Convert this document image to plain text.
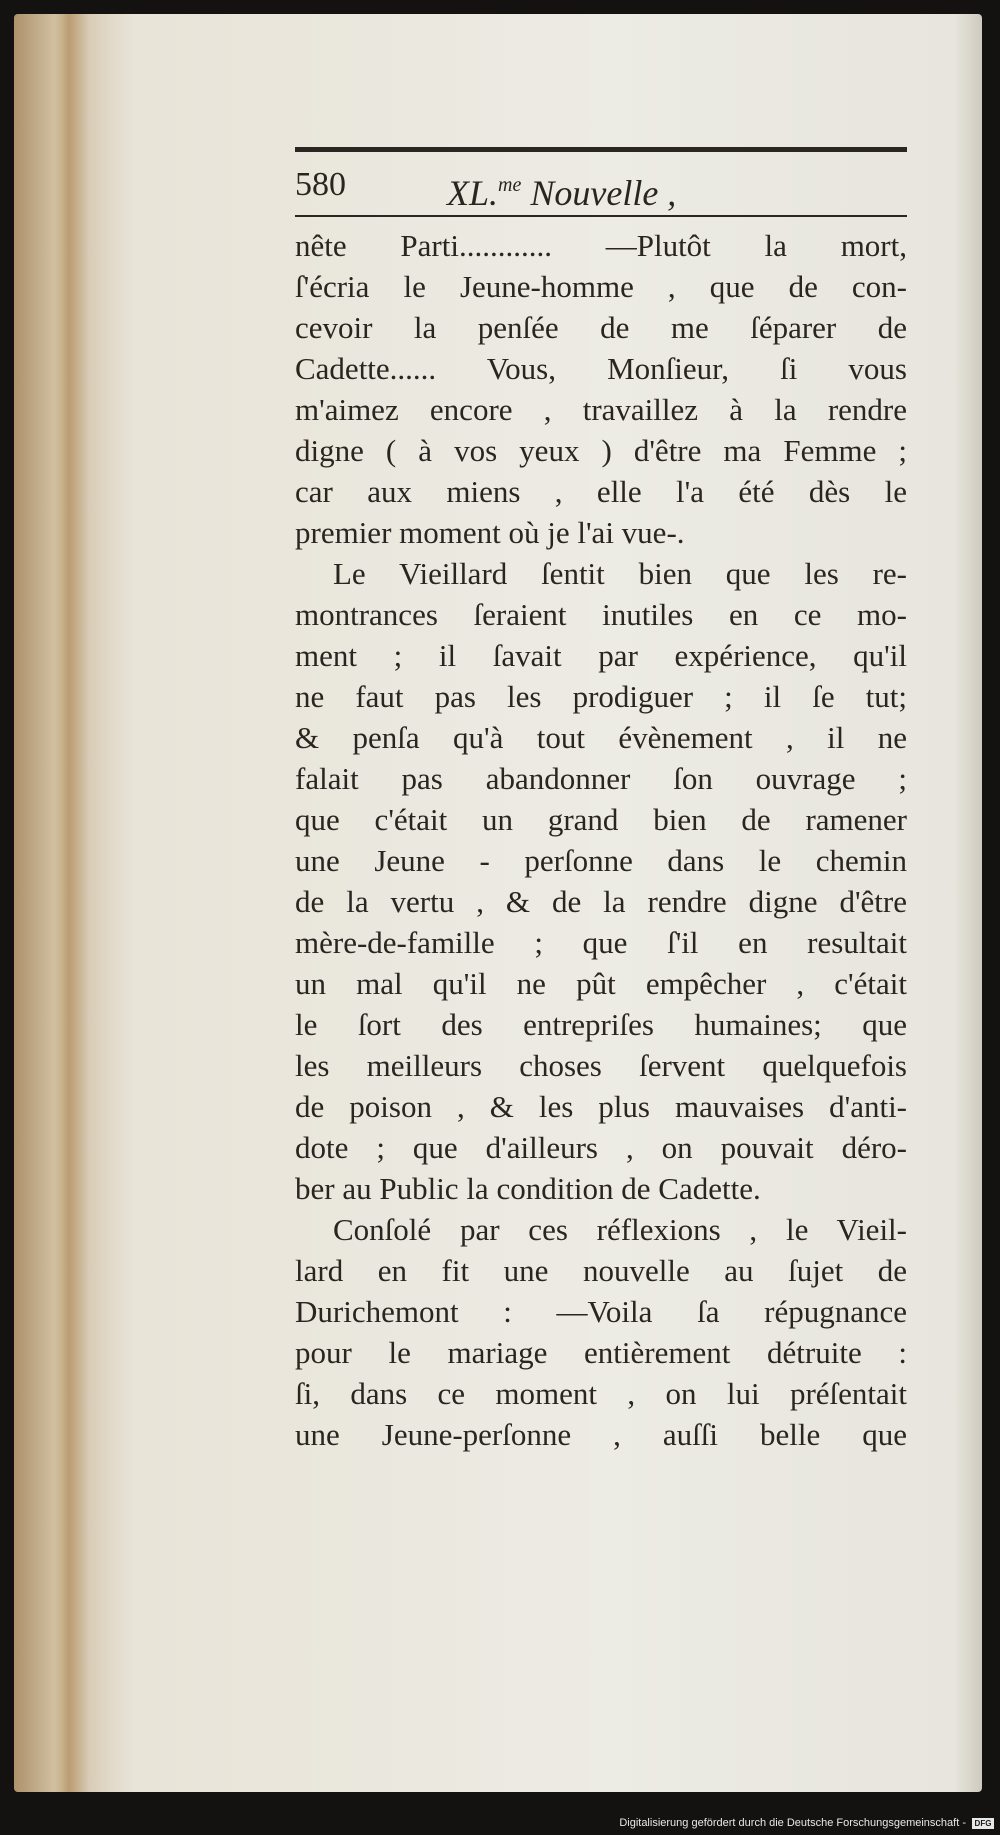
580	XL.$^{me}$ Nouvelle ,
nête Parti............ —Plutôt la mort,
ſ'écria le Jeune-homme , que de con-
cevoir la penſée de me ſéparer de
Cadette...... Vous, Monſieur, ſi vous
m'aimez encore , travaillez à la rendre
digne ( à vos yeux ) d'être ma Femme ;
car aux miens , elle l'a été dès le
premier moment où je l'ai vue-.
Le Vieillard ſentit bien que les re-
montrances ſeraient inutiles en ce mo-
ment ; il ſavait par expérience, qu'il
ne faut pas les prodiguer ; il ſe tut;
& penſa qu'à tout évènement , il ne
falait pas abandonner ſon ouvrage ;
que c'était un grand bien de ramener
une Jeune - perſonne dans le chemin
de la vertu , & de la rendre digne d'être
mère-de-famille ; que ſ'il en resultait
un mal qu'il ne pût empêcher , c'était
le ſort des entrepriſes humaines; que
les meilleurs choses ſervent quelquefois
de poison , & les plus mauvaises d'anti-
dote ; que d'ailleurs , on pouvait déro-
ber au Public la condition de Cadette.
Conſolé par ces réflexions , le Vieil-
lard en fit une nouvelle au ſujet de
Durichemont : —Voila ſa répugnance
pour le mariage entièrement détruite :
ſi, dans ce moment , on lui préſentait
une Jeune-perſonne , auſſi belle que
Digitalisierung gefördert durch die Deutsche Forschungsgemeinschaft -	DFG
